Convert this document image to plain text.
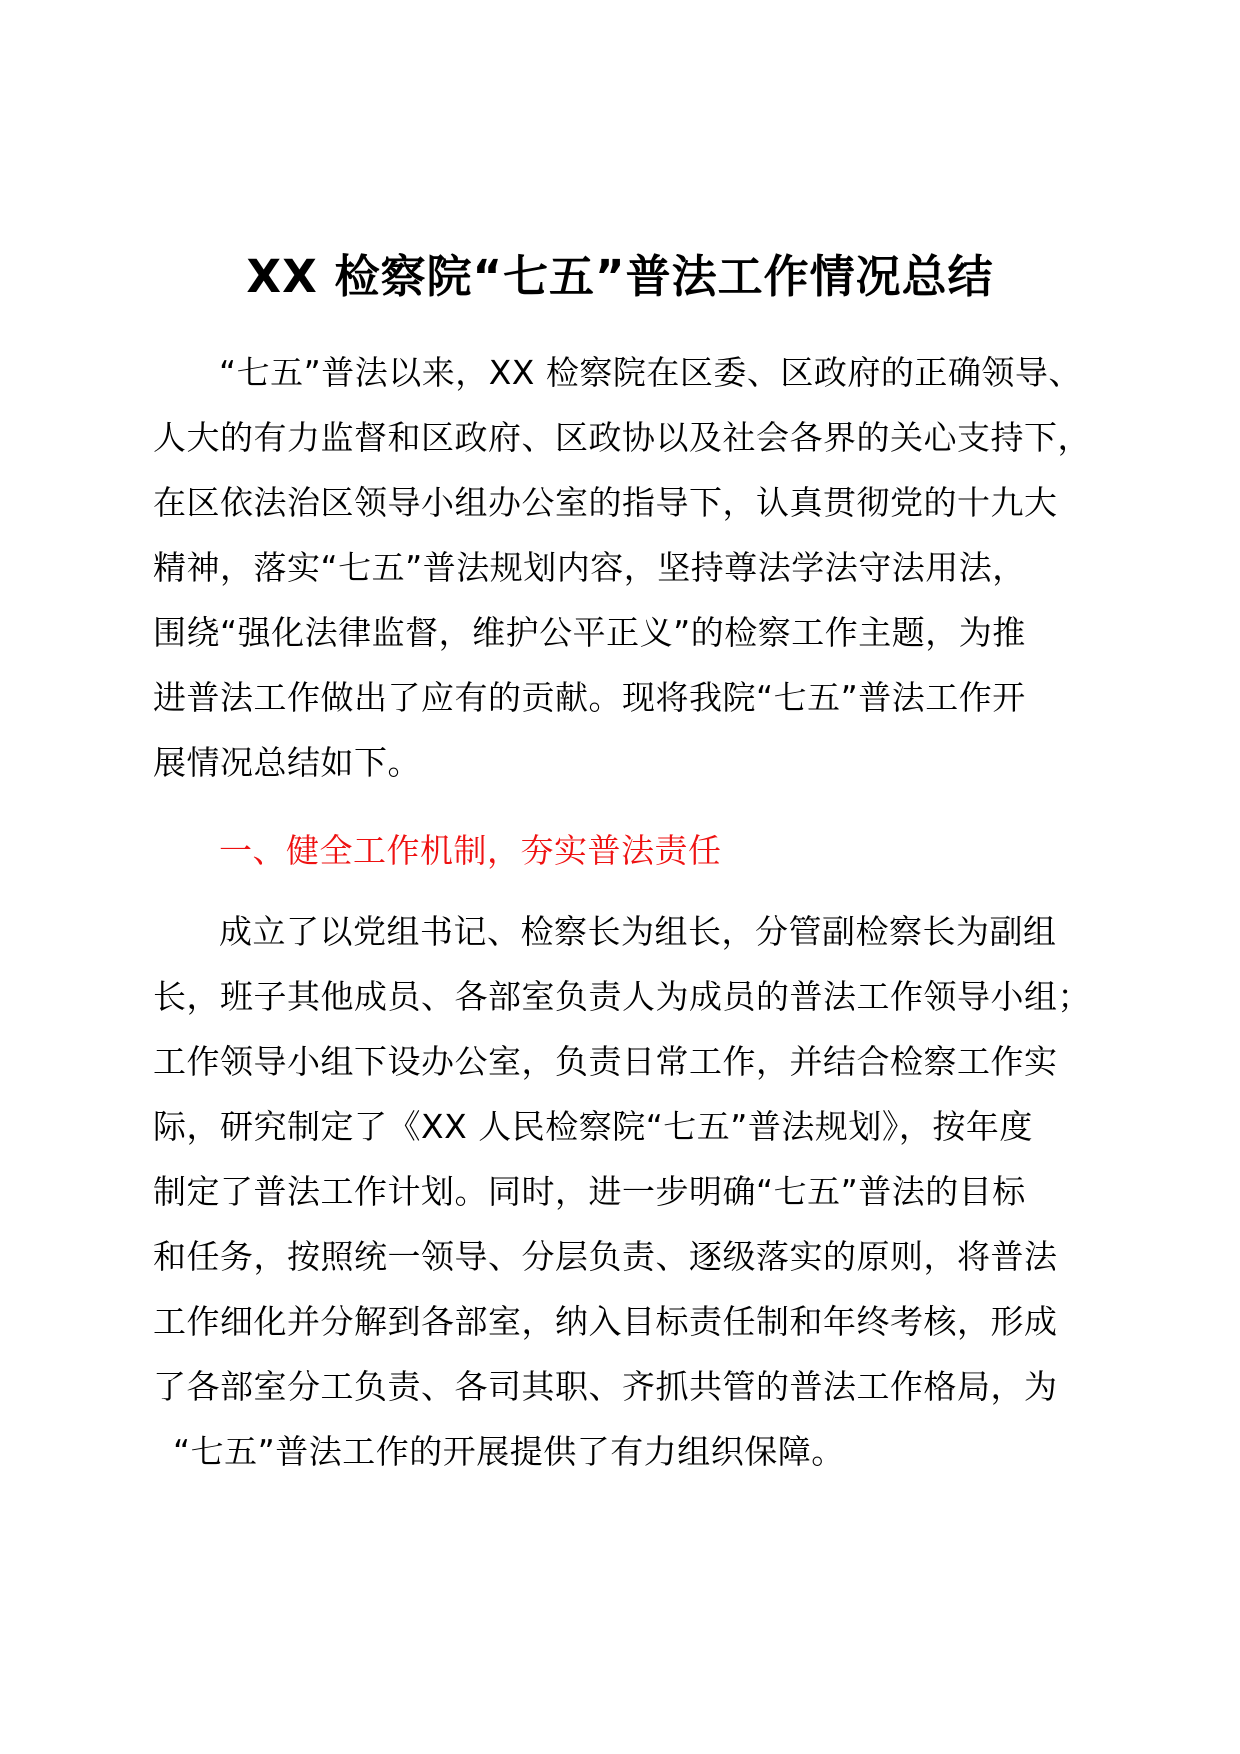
XX 检察院“七五”普法工作情况总结
“七五”普法以来，XX 检察院在区委、区政府的正确领导、
人大的有力监督和区政府、区政协以及社会各界的关心支持下，
在区依法治区领导小组办公室的指导下，认真贯彻党的十九大
精神，落实“七五”普法规划内容，坚持尊法学法守法用法，
围绕“强化法律监督，维护公平正义”的检察工作主题，为推
进普法工作做出了应有的贡献。现将我院“七五”普法工作开
展情况总结如下。
一、健全工作机制，夯实普法责任
成立了以党组书记、检察长为组长，分管副检察长为副组
长，班子其他成员、各部室负责人为成员的普法工作领导小组；
工作领导小组下设办公室，负责日常工作，并结合检察工作实
际，研究制定了《XX 人民检察院“七五”普法规划》，按年度
制定了普法工作计划。同时，进一步明确“七五”普法的目标
和任务，按照统一领导、分层负责、逐级落实的原则，将普法
工作细化并分解到各部室，纳入目标责任制和年终考核，形成
了各部室分工负责、各司其职、齐抓共管的普法工作格局，为
“七五”普法工作的开展提供了有力组织保障。
